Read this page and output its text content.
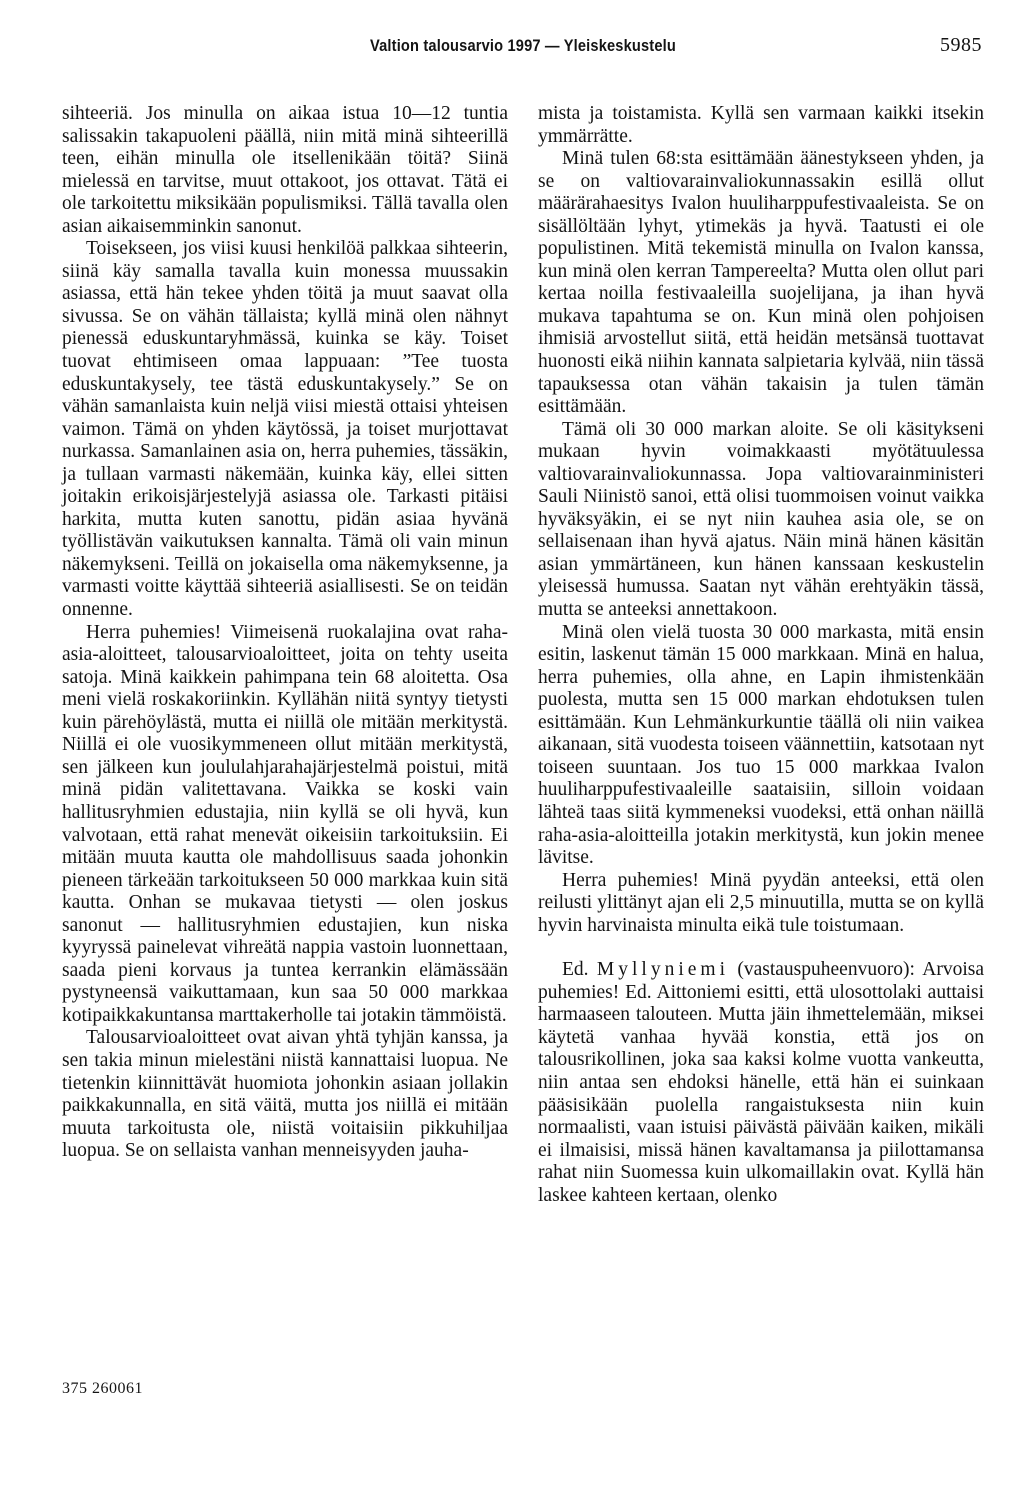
Valtion talousarvio 1997 — Yleiskeskustelu	5985

sihteeriä. Jos minulla on aikaa istua 10—12 tuntia salissakin takapuoleni päällä, niin mitä minä sihteerillä teen, eihän minulla ole itsellenikään töitä? Siinä mielessä en tarvitse, muut ottakoot, jos ottavat. Tätä ei ole tarkoitettu miksikään populismiksi. Tällä tavalla olen asian aikaisemminkin sanonut.

Toisekseen, jos viisi kuusi henkilöä palkkaa sihteerin, siinä käy samalla tavalla kuin monessa muussakin asiassa, että hän tekee yhden töitä ja muut saavat olla sivussa. Se on vähän tällaista; kyllä minä olen nähnyt pienessä eduskuntaryhmässä, kuinka se käy. Toiset tuovat ehtimiseen omaa lappuaan: ”Tee tuosta eduskuntakysely, tee tästä eduskuntakysely.” Se on vähän samanlaista kuin neljä viisi miestä ottaisi yhteisen vaimon. Tämä on yhden käytössä, ja toiset murjottavat nurkassa. Samanlainen asia on, herra puhemies, tässäkin, ja tullaan varmasti näkemään, kuinka käy, ellei sitten joitakin erikoisjärjestelyjä asiassa ole. Tarkasti pitäisi harkita, mutta kuten sanottu, pidän asiaa hyvänä työllistävän vaikutuksen kannalta. Tämä oli vain minun näkemykseni. Teillä on jokaisella oma näkemyksenne, ja varmasti voitte käyttää sihteeriä asiallisesti. Se on teidän onnenne.

Herra puhemies! Viimeisenä ruokalajina ovat raha-asia-aloitteet, talousarvioaloitteet, joita on tehty useita satoja. Minä kaikkein pahimpana tein 68 aloitetta. Osa meni vielä roskakoriinkin. Kyllähän niitä syntyy tietysti kuin pärehöylästä, mutta ei niillä ole mitään merkitystä. Niillä ei ole vuosikymmeneen ollut mitään merkitystä, sen jälkeen kun joululahjarahajärjestelmä poistui, mitä minä pidän valitettavana. Vaikka se koski vain hallitusryhmien edustajia, niin kyllä se oli hyvä, kun valvotaan, että rahat menevät oikeisiin tarkoituksiin. Ei mitään muuta kautta ole mahdollisuus saada johonkin pieneen tärkeään tarkoitukseen 50 000 markkaa kuin sitä kautta. Onhan se mukavaa tietysti — olen joskus sanonut — hallitusryhmien edustajien, kun niska kyyryssä painelevat vihreätä nappia vastoin luonnettaan, saada pieni korvaus ja tuntea kerrankin elämässään pystyneensä vaikuttamaan, kun saa 50 000 markkaa kotipaikkakuntansa marttakerholle tai jotakin tämmöistä.

Talousarvioaloitteet ovat aivan yhtä tyhjän kanssa, ja sen takia minun mielestäni niistä kannattaisi luopua. Ne tietenkin kiinnittävät huomiota johonkin asiaan jollakin paikkakunnalla, en sitä väitä, mutta jos niillä ei mitään muuta tarkoitusta ole, niistä voitaisiin pikkuhiljaa luopua. Se on sellaista vanhan menneisyyden jauha-

mista ja toistamista. Kyllä sen varmaan kaikki itsekin ymmärrätte.

Minä tulen 68:sta esittämään äänestykseen yhden, ja se on valtiovarainvaliokunnassakin esillä ollut määrärahaesitys Ivalon huuliharppufestivaaleista. Se on sisällöltään lyhyt, ytimekäs ja hyvä. Taatusti ei ole populistinen. Mitä tekemistä minulla on Ivalon kanssa, kun minä olen kerran Tampereelta? Mutta olen ollut pari kertaa noilla festivaaleilla suojelijana, ja ihan hyvä mukava tapahtuma se on. Kun minä olen pohjoisen ihmisiä arvostellut siitä, että heidän metsänsä tuottavat huonosti eikä niihin kannata salpietaria kylvää, niin tässä tapauksessa otan vähän takaisin ja tulen tämän esittämään.

Tämä oli 30 000 markan aloite. Se oli käsitykseni mukaan hyvin voimakkaasti myötätuulessa valtiovarainvaliokunnassa. Jopa valtiovarainministeri Sauli Niinistö sanoi, että olisi tuommoisen voinut vaikka hyväksyäkin, ei se nyt niin kauhea asia ole, se on sellaisenaan ihan hyvä ajatus. Näin minä hänen käsitän asian ymmärtäneen, kun hänen kanssaan keskustelin yleisessä humussa. Saatan nyt vähän erehtyäkin tässä, mutta se anteeksi annettakoon.

Minä olen vielä tuosta 30 000 markasta, mitä ensin esitin, laskenut tämän 15 000 markkaan. Minä en halua, herra puhemies, olla ahne, en Lapin ihmistenkään puolesta, mutta sen 15 000 markan ehdotuksen tulen esittämään. Kun Lehmänkurkuntie täällä oli niin vaikea aikanaan, sitä vuodesta toiseen väännettiin, katsotaan nyt toiseen suuntaan. Jos tuo 15 000 markkaa Ivalon huuliharppufestivaaleille saataisiin, silloin voidaan lähteä taas siitä kymmeneksi vuodeksi, että onhan näillä raha-asia-aloitteilla jotakin merkitystä, kun jokin menee lävitse.

Herra puhemies! Minä pyydän anteeksi, että olen reilusti ylittänyt ajan eli 2,5 minuutilla, mutta se on kyllä hyvin harvinaista minulta eikä tule toistumaan.

Ed. Myllyniemi (vastauspuheenvuoro): Arvoisa puhemies! Ed. Aittoniemi esitti, että ulosottolaki auttaisi harmaaseen talouteen. Mutta jäin ihmettelemään, miksei käytetä vanhaa hyvää konstia, että jos on talousrikollinen, joka saa kaksi kolme vuotta vankeutta, niin antaa sen ehdoksi hänelle, että hän ei suinkaan pääsisikään puolella rangaistuksesta niin kuin normaalisti, vaan istuisi päivästä päivään kaiken, mikäli ei ilmaisisi, missä hänen kavaltamansa ja piilottamansa rahat niin Suomessa kuin ulkomaillakin ovat. Kyllä hän laskee kahteen kertaan, olenko

375 260061
